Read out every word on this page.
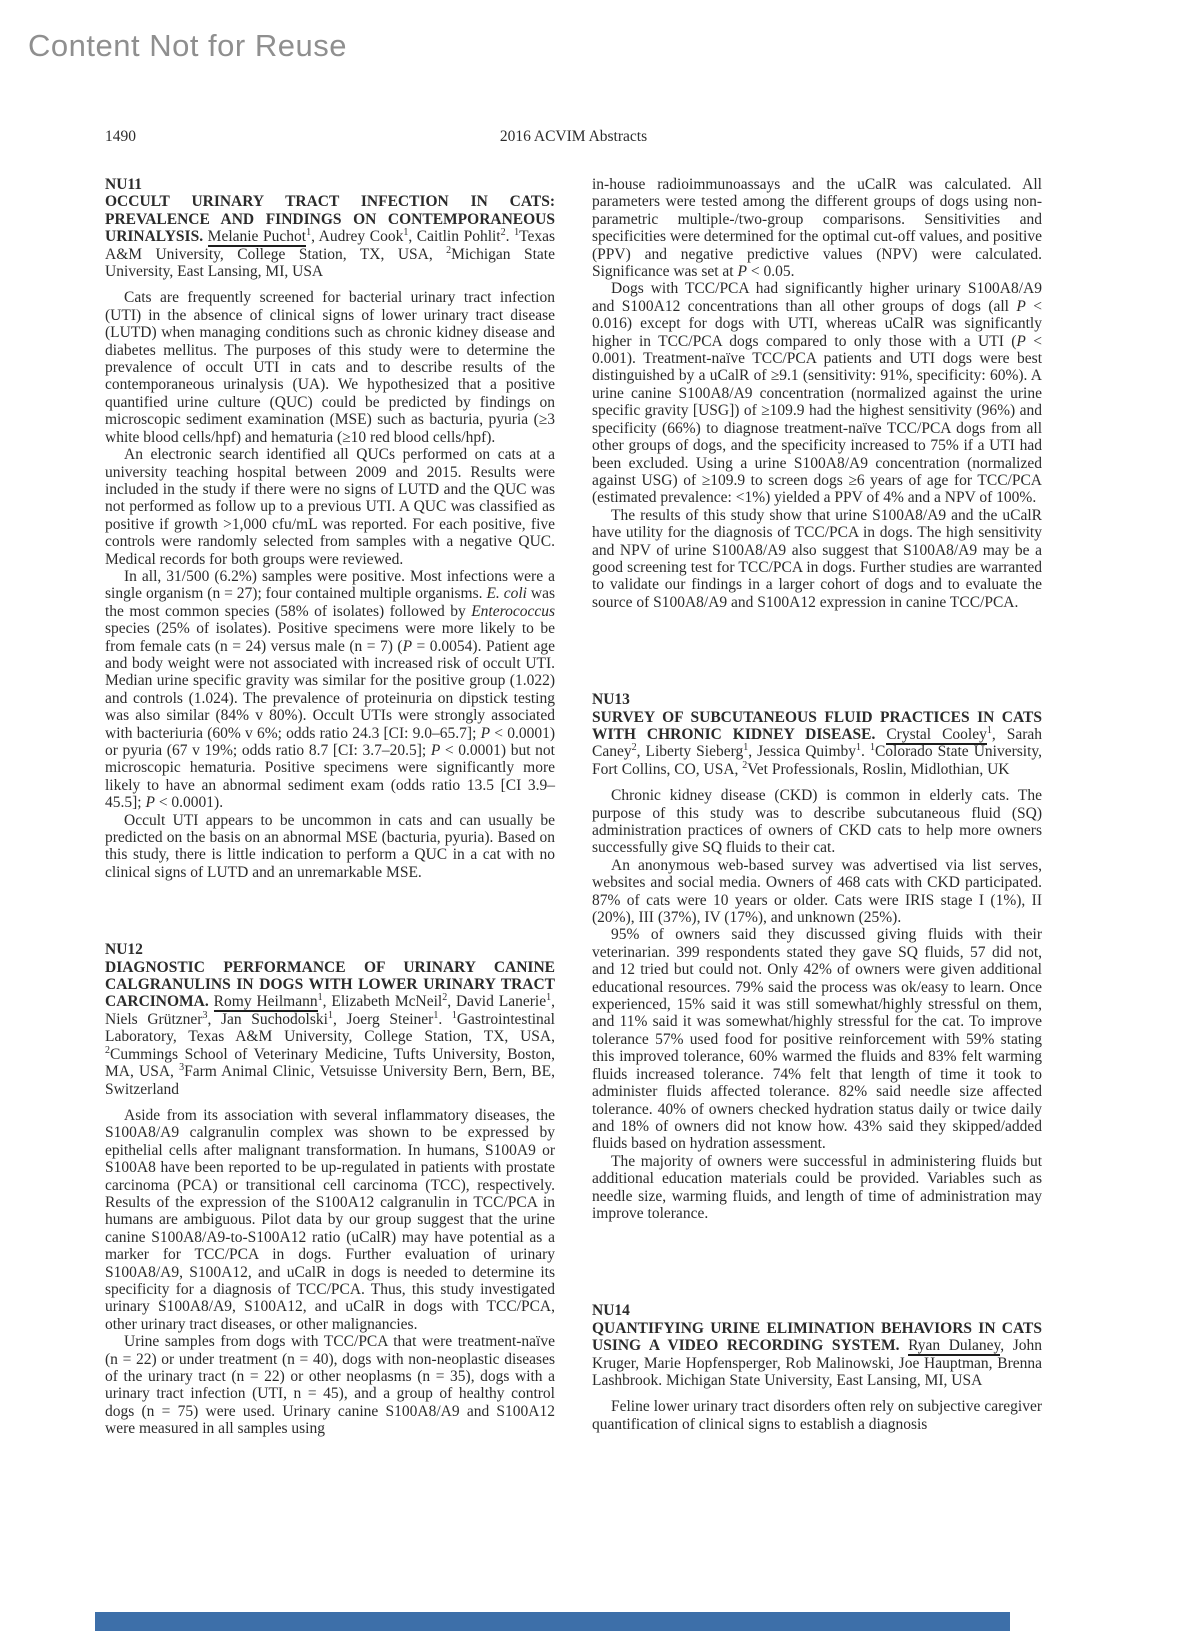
Content Not for Reuse
1490	2016 ACVIM Abstracts
NU11

OCCULT URINARY TRACT INFECTION IN CATS: PREVALENCE AND FINDINGS ON CONTEMPORANEOUS URINALYSIS. Melanie Puchot$^1$, Audrey Cook$^1$, Caitlin Pohlit$^2$. $^1$Texas A&M University, College Station, TX, USA, $^2$Michigan State University, East Lansing, MI, USA

Cats are frequently screened for bacterial urinary tract infection (UTI) in the absence of clinical signs of lower urinary tract disease (LUTD) when managing conditions such as chronic kidney disease and diabetes mellitus. The purposes of this study were to determine the prevalence of occult UTI in cats and to describe results of the contemporaneous urinalysis (UA). We hypothesized that a positive quantified urine culture (QUC) could be predicted by findings on microscopic sediment examination (MSE) such as bacturia, pyuria (≥3 white blood cells/hpf) and hematuria (≥10 red blood cells/hpf).

An electronic search identified all QUCs performed on cats at a university teaching hospital between 2009 and 2015. Results were included in the study if there were no signs of LUTD and the QUC was not performed as follow up to a previous UTI. A QUC was classified as positive if growth >1,000 cfu/mL was reported. For each positive, five controls were randomly selected from samples with a negative QUC. Medical records for both groups were reviewed.

In all, 31/500 (6.2%) samples were positive. Most infections were a single organism (n = 27); four contained multiple organisms. E. coli was the most common species (58% of isolates) followed by Enterococcus species (25% of isolates). Positive specimens were more likely to be from female cats (n = 24) versus male (n = 7) (P = 0.0054). Patient age and body weight were not associated with increased risk of occult UTI. Median urine specific gravity was similar for the positive group (1.022) and controls (1.024). The prevalence of proteinuria on dipstick testing was also similar (84% v 80%). Occult UTIs were strongly associated with bacteriuria (60% v 6%; odds ratio 24.3 [CI: 9.0–65.7]; P < 0.0001) or pyuria (67 v 19%; odds ratio 8.7 [CI: 3.7–20.5]; P < 0.0001) but not microscopic hematuria. Positive specimens were significantly more likely to have an abnormal sediment exam (odds ratio 13.5 [CI 3.9–45.5]; P < 0.0001).

Occult UTI appears to be uncommon in cats and can usually be predicted on the basis on an abnormal MSE (bacturia, pyuria). Based on this study, there is little indication to perform a QUC in a cat with no clinical signs of LUTD and an unremarkable MSE.

NU12

DIAGNOSTIC PERFORMANCE OF URINARY CANINE CALGRANULINS IN DOGS WITH LOWER URINARY TRACT CARCINOMA. Romy Heilmann$^1$, Elizabeth McNeil$^2$, David Lanerie$^1$, Niels Grützner$^3$, Jan Suchodolski$^1$, Joerg Steiner$^1$. $^1$Gastrointestinal Laboratory, Texas A&M University, College Station, TX, USA, $^2$Cummings School of Veterinary Medicine, Tufts University, Boston, MA, USA, $^3$Farm Animal Clinic, Vetsuisse University Bern, Bern, BE, Switzerland

Aside from its association with several inflammatory diseases, the S100A8/A9 calgranulin complex was shown to be expressed by epithelial cells after malignant transformation. In humans, S100A9 or S100A8 have been reported to be up-regulated in patients with prostate carcinoma (PCA) or transitional cell carcinoma (TCC), respectively. Results of the expression of the S100A12 calgranulin in TCC/PCA in humans are ambiguous. Pilot data by our group suggest that the urine canine S100A8/A9-to-S100A12 ratio (uCalR) may have potential as a marker for TCC/PCA in dogs. Further evaluation of urinary S100A8/A9, S100A12, and uCalR in dogs is needed to determine its specificity for a diagnosis of TCC/PCA. Thus, this study investigated urinary S100A8/A9, S100A12, and uCalR in dogs with TCC/PCA, other urinary tract diseases, or other malignancies.

Urine samples from dogs with TCC/PCA that were treatment-naïve (n = 22) or under treatment (n = 40), dogs with non-neoplastic diseases of the urinary tract (n = 22) or other neoplasms (n = 35), dogs with a urinary tract infection (UTI, n = 45), and a group of healthy control dogs (n = 75) were used. Urinary canine S100A8/A9 and S100A12 were measured in all samples using

in-house radioimmunoassays and the uCalR was calculated. All parameters were tested among the different groups of dogs using non-parametric multiple-/two-group comparisons. Sensitivities and specificities were determined for the optimal cut-off values, and positive (PPV) and negative predictive values (NPV) were calculated. Significance was set at P < 0.05.

Dogs with TCC/PCA had significantly higher urinary S100A8/A9 and S100A12 concentrations than all other groups of dogs (all P < 0.016) except for dogs with UTI, whereas uCalR was significantly higher in TCC/PCA dogs compared to only those with a UTI (P < 0.001). Treatment-naïve TCC/PCA patients and UTI dogs were best distinguished by a uCalR of ≥9.1 (sensitivity: 91%, specificity: 60%). A urine canine S100A8/A9 concentration (normalized against the urine specific gravity [USG]) of ≥109.9 had the highest sensitivity (96%) and specificity (66%) to diagnose treatment-naïve TCC/PCA dogs from all other groups of dogs, and the specificity increased to 75% if a UTI had been excluded. Using a urine S100A8/A9 concentration (normalized against USG) of ≥109.9 to screen dogs ≥6 years of age for TCC/PCA (estimated prevalence: <1%) yielded a PPV of 4% and a NPV of 100%.

The results of this study show that urine S100A8/A9 and the uCalR have utility for the diagnosis of TCC/PCA in dogs. The high sensitivity and NPV of urine S100A8/A9 also suggest that S100A8/A9 may be a good screening test for TCC/PCA in dogs. Further studies are warranted to validate our findings in a larger cohort of dogs and to evaluate the source of S100A8/A9 and S100A12 expression in canine TCC/PCA.

NU13

SURVEY OF SUBCUTANEOUS FLUID PRACTICES IN CATS WITH CHRONIC KIDNEY DISEASE. Crystal Cooley$^1$, Sarah Caney$^2$, Liberty Sieberg$^1$, Jessica Quimby$^1$. $^1$Colorado State University, Fort Collins, CO, USA, $^2$Vet Professionals, Roslin, Midlothian, UK

Chronic kidney disease (CKD) is common in elderly cats. The purpose of this study was to describe subcutaneous fluid (SQ) administration practices of owners of CKD cats to help more owners successfully give SQ fluids to their cat.

An anonymous web-based survey was advertised via list serves, websites and social media. Owners of 468 cats with CKD participated. 87% of cats were 10 years or older. Cats were IRIS stage I (1%), II (20%), III (37%), IV (17%), and unknown (25%).

95% of owners said they discussed giving fluids with their veterinarian. 399 respondents stated they gave SQ fluids, 57 did not, and 12 tried but could not. Only 42% of owners were given additional educational resources. 79% said the process was ok/easy to learn. Once experienced, 15% said it was still somewhat/highly stressful on them, and 11% said it was somewhat/highly stressful for the cat. To improve tolerance 57% used food for positive reinforcement with 59% stating this improved tolerance, 60% warmed the fluids and 83% felt warming fluids increased tolerance. 74% felt that length of time it took to administer fluids affected tolerance. 82% said needle size affected tolerance. 40% of owners checked hydration status daily or twice daily and 18% of owners did not know how. 43% said they skipped/added fluids based on hydration assessment.

The majority of owners were successful in administering fluids but additional education materials could be provided. Variables such as needle size, warming fluids, and length of time of administration may improve tolerance.

NU14

QUANTIFYING URINE ELIMINATION BEHAVIORS IN CATS USING A VIDEO RECORDING SYSTEM. Ryan Dulaney, John Kruger, Marie Hopfensperger, Rob Malinowski, Joe Hauptman, Brenna Lashbrook. Michigan State University, East Lansing, MI, USA

Feline lower urinary tract disorders often rely on subjective caregiver quantification of clinical signs to establish a diagnosis
